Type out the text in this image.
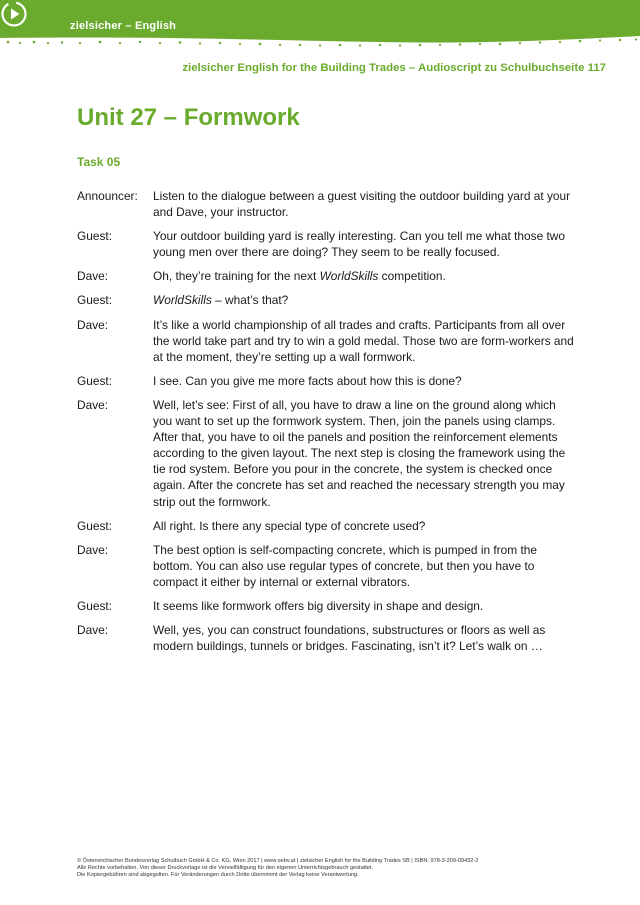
zielsicher – English
zielsicher English for the Building Trades – Audioscript zu Schulbuchseite 117
Unit 27 – Formwork
Task 05
Announcer:	Listen to the dialogue between a guest visiting the outdoor building yard at your and Dave, your instructor.
Guest:	Your outdoor building yard is really interesting. Can you tell me what those two young men over there are doing? They seem to be really focused.
Dave:	Oh, they’re training for the next WorldSkills competition.
Guest:	WorldSkills – what’s that?
Dave:	It’s like a world championship of all trades and crafts. Participants from all over the world take part and try to win a gold medal. Those two are form-workers and at the moment, they’re setting up a wall formwork.
Guest:	I see. Can you give me more facts about how this is done?
Dave:	Well, let’s see: First of all, you have to draw a line on the ground along which you want to set up the formwork system. Then, join the panels using clamps. After that, you have to oil the panels and position the reinforcement elements according to the given layout. The next step is closing the framework using the tie rod system. Before you pour in the concrete, the system is checked once again. After the concrete has set and reached the necessary strength you may strip out the formwork.
Guest:	All right. Is there any special type of concrete used?
Dave:	The best option is self-compacting concrete, which is pumped in from the bottom. You can also use regular types of concrete, but then you have to compact it either by internal or external vibrators.
Guest:	It seems like formwork offers big diversity in shape and design.
Dave:	Well, yes, you can construct foundations, substructures or floors as well as modern buildings, tunnels or bridges. Fascinating, isn’t it? Let’s walk on …
© Österreichischer Bundesverlag Schulbuch GmbH & Co. KG, Wien 2017 | www.oebv.at | zielsicher English for the Building Trades SB | ISBN: 978-3-209-09432-2
Alle Rechte vorbehalten. Von dieser Druckvorlage ist die Vervielfältigung für den eigenen Unterrichtsgebrauch gestattet.
Die Kopiergebühren sind abgegolten. Für Veränderungen durch Dritte übernimmt der Verlag keine Verantwortung.
